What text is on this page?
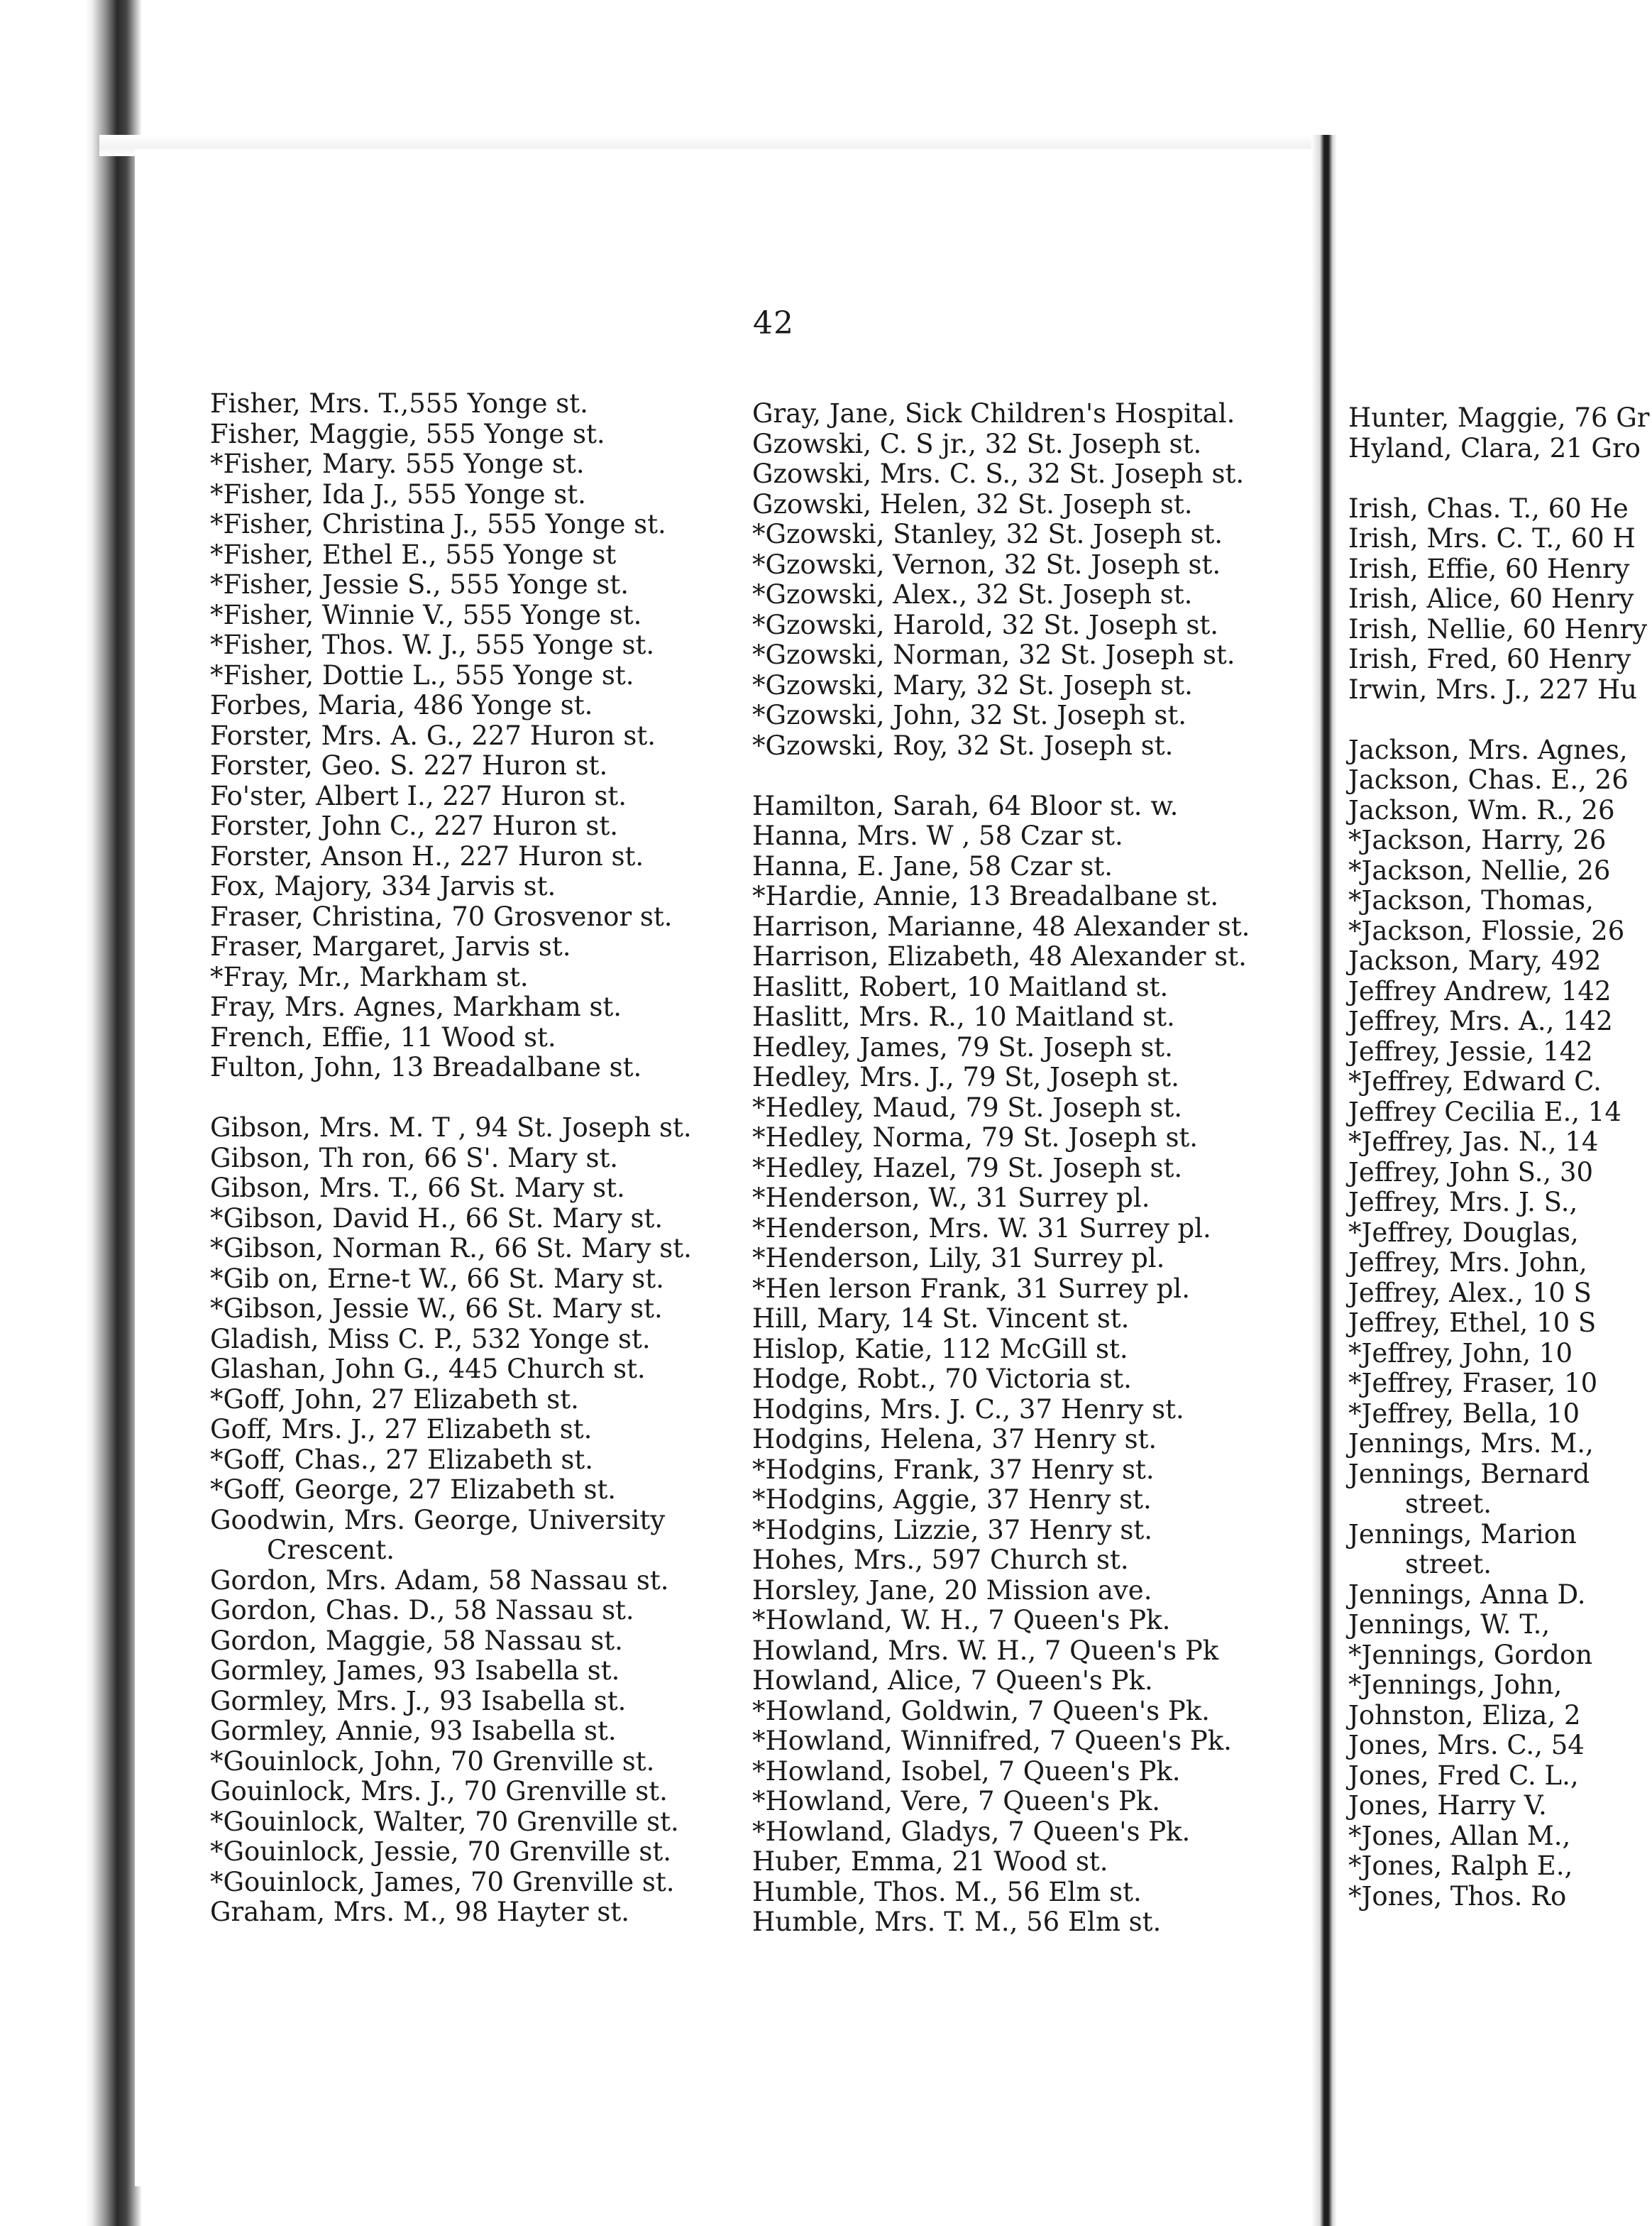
42
Fisher, Mrs. T.,555 Yonge st.
Fisher, Maggie, 555 Yonge st.
*Fisher, Mary. 555 Yonge st.
*Fisher, Ida J., 555 Yonge st.
*Fisher, Christina J., 555 Yonge st.
*Fisher, Ethel E., 555 Yonge st
*Fisher, Jessie S., 555 Yonge st.
*Fisher, Winnie V., 555 Yonge st.
*Fisher, Thos. W. J., 555 Yonge st.
*Fisher, Dottie L., 555 Yonge st.
Forbes, Maria, 486 Yonge st.
Forster, Mrs. A. G., 227 Huron st.
Forster, Geo. S. 227 Huron st.
Fo'ster, Albert I., 227 Huron st.
Forster, John C., 227 Huron st.
Forster, Anson H., 227 Huron st.
Fox, Majory, 334 Jarvis st.
Fraser, Christina, 70 Grosvenor st.
Fraser, Margaret, Jarvis st.
*Fray, Mr., Markham st.
Fray, Mrs. Agnes, Markham st.
French, Effie, 11 Wood st.
Fulton, John, 13 Breadalbane st.
Gibson, Mrs. M. T , 94 St. Joseph st.
Gibson, Th ron, 66 S'. Mary st.
Gibson, Mrs. T., 66 St. Mary st.
*Gibson, David H., 66 St. Mary st.
*Gibson, Norman R., 66 St. Mary st.
*Gib on, Erne-t W., 66 St. Mary st.
*Gibson, Jessie W., 66 St. Mary st.
Gladish, Miss C. P., 532 Yonge st.
Glashan, John G., 445 Church st.
*Goff, John, 27 Elizabeth st.
Goff, Mrs. J., 27 Elizabeth st.
*Goff, Chas., 27 Elizabeth st.
*Goff, George, 27 Elizabeth st.
Goodwin, Mrs. George, University
Crescent.
Gordon, Mrs. Adam, 58 Nassau st.
Gordon, Chas. D., 58 Nassau st.
Gordon, Maggie, 58 Nassau st.
Gormley, James, 93 Isabella st.
Gormley, Mrs. J., 93 Isabella st.
Gormley, Annie, 93 Isabella st.
*Gouinlock, John, 70 Grenville st.
Gouinlock, Mrs. J., 70 Grenville st.
*Gouinlock, Walter, 70 Grenville st.
*Gouinlock, Jessie, 70 Grenville st.
*Gouinlock, James, 70 Grenville st.
Graham, Mrs. M., 98 Hayter st.
Gray, Jane, Sick Children's Hospital.
Gzowski, C. S jr., 32 St. Joseph st.
Gzowski, Mrs. C. S., 32 St. Joseph st.
Gzowski, Helen, 32 St. Joseph st.
*Gzowski, Stanley, 32 St. Joseph st.
*Gzowski, Vernon, 32 St. Joseph st.
*Gzowski, Alex., 32 St. Joseph st.
*Gzowski, Harold, 32 St. Joseph st.
*Gzowski, Norman, 32 St. Joseph st.
*Gzowski, Mary, 32 St. Joseph st.
*Gzowski, John, 32 St. Joseph st.
*Gzowski, Roy, 32 St. Joseph st.
Hamilton, Sarah, 64 Bloor st. w.
Hanna, Mrs. W , 58 Czar st.
Hanna, E. Jane, 58 Czar st.
*Hardie, Annie, 13 Breadalbane st.
Harrison, Marianne, 48 Alexander st.
Harrison, Elizabeth, 48 Alexander st.
Haslitt, Robert, 10 Maitland st.
Haslitt, Mrs. R., 10 Maitland st.
Hedley, James, 79 St. Joseph st.
Hedley, Mrs. J., 79 St, Joseph st.
*Hedley, Maud, 79 St. Joseph st.
*Hedley, Norma, 79 St. Joseph st.
*Hedley, Hazel, 79 St. Joseph st.
*Henderson, W., 31 Surrey pl.
*Henderson, Mrs. W. 31 Surrey pl.
*Henderson, Lily, 31 Surrey pl.
*Hen lerson Frank, 31 Surrey pl.
Hill, Mary, 14 St. Vincent st.
Hislop, Katie, 112 McGill st.
Hodge, Robt., 70 Victoria st.
Hodgins, Mrs. J. C., 37 Henry st.
Hodgins, Helena, 37 Henry st.
*Hodgins, Frank, 37 Henry st.
*Hodgins, Aggie, 37 Henry st.
*Hodgins, Lizzie, 37 Henry st.
Hohes, Mrs., 597 Church st.
Horsley, Jane, 20 Mission ave.
*Howland, W. H., 7 Queen's Pk.
Howland, Mrs. W. H., 7 Queen's Pk
Howland, Alice, 7 Queen's Pk.
*Howland, Goldwin, 7 Queen's Pk.
*Howland, Winnifred, 7 Queen's Pk.
*Howland, Isobel, 7 Queen's Pk.
*Howland, Vere, 7 Queen's Pk.
*Howland, Gladys, 7 Queen's Pk.
Huber, Emma, 21 Wood st.
Humble, Thos. M., 56 Elm st.
Humble, Mrs. T. M., 56 Elm st.
Hunter, Maggie, 76 Gr
Hyland, Clara, 21 Gro
Irish, Chas. T., 60 He
Irish, Mrs. C. T., 60 H
Irish, Effie, 60 Henry
Irish, Alice, 60 Henry
Irish, Nellie, 60 Henry
Irish, Fred, 60 Henry
Irwin, Mrs. J., 227 Hu
Jackson, Mrs. Agnes,
Jackson, Chas. E., 26
Jackson, Wm. R., 26
*Jackson, Harry, 26
*Jackson, Nellie, 26
*Jackson, Thomas,
*Jackson, Flossie, 26
Jackson, Mary, 492
Jeffrey Andrew, 142
Jeffrey, Mrs. A., 142
Jeffrey, Jessie, 142
*Jeffrey, Edward C.
Jeffrey Cecilia E., 14
*Jeffrey, Jas. N., 14
Jeffrey, John S., 30
Jeffrey, Mrs. J. S.,
*Jeffrey, Douglas,
Jeffrey, Mrs. John,
Jeffrey, Alex., 10 S
Jeffrey, Ethel, 10 S
*Jeffrey, John, 10
*Jeffrey, Fraser, 10
*Jeffrey, Bella, 10
Jennings, Mrs. M.,
Jennings, Bernard
street.
Jennings, Marion
street.
Jennings, Anna D.
Jennings, W. T.,
*Jennings, Gordon
*Jennings, John,
Johnston, Eliza, 2
Jones, Mrs. C., 54
Jones, Fred C. L.,
Jones, Harry V.
*Jones, Allan M.,
*Jones, Ralph E.,
*Jones, Thos. Ro
